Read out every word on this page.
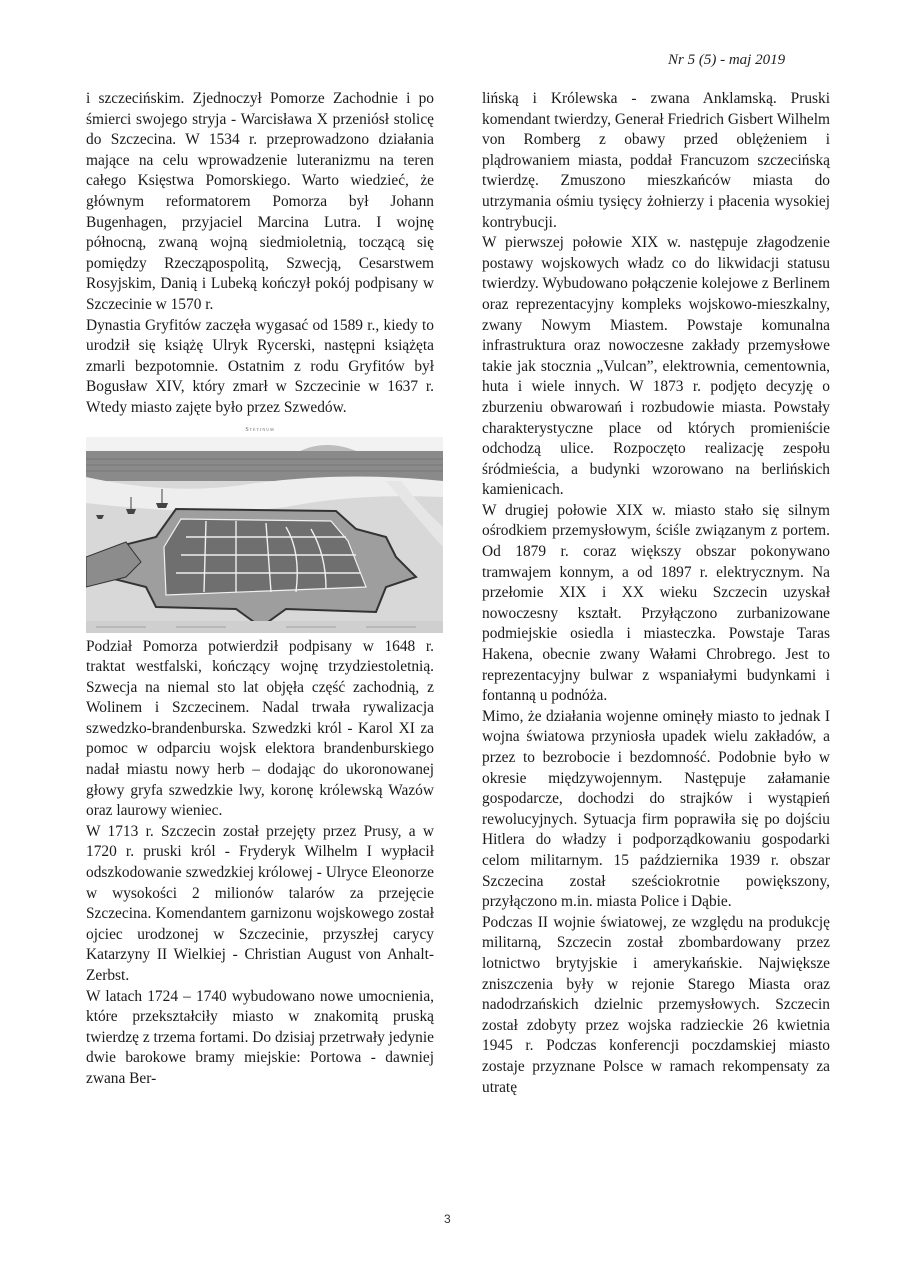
Nr 5 (5) - maj 2019

i szczecińskim. Zjednoczył Pomorze Zachodnie i po śmierci swojego stryja - Warcisława X przeniósł stolicę do Szczecina. W 1534 r. przeprowadzono działania mające na celu wprowadzenie luteranizmu na teren całego Księstwa Pomorskiego. Warto wiedzieć, że głównym reformatorem Pomorza był Johann Bugenhagen, przyjaciel Marcina Lutra. I wojnę północną, zwaną wojną siedmioletnią, toczącą się pomiędzy Rzecząpospolitą, Szwecją, Cesarstwem Rosyjskim, Danią i Lubeką kończył pokój podpisany w Szczecinie w 1570 r.

Dynastia Gryfitów zaczęła wygasać od 1589 r., kiedy to urodził się książę Ulryk Rycerski, następni książęta zmarli bezpotomnie. Ostatnim z rodu Gryfitów był Bogusław XIV, który zmarł w Szczecinie w 1637 r. Wtedy miasto zajęte było przez Szwedów.

Stetinum

Podział Pomorza potwierdził podpisany w 1648 r. traktat westfalski, kończący wojnę trzydziestoletnią. Szwecja na niemal sto lat objęła część zachodnią, z Wolinem i Szczecinem. Nadal trwała rywalizacja szwedzko-brandenburska. Szwedzki król - Karol XI za pomoc w odparciu wojsk elektora brandenburskiego nadał miastu nowy herb – dodając do ukoronowanej głowy gryfa szwedzkie lwy, koronę królewską Wazów oraz laurowy wieniec.

W 1713 r. Szczecin został przejęty przez Prusy, a w 1720 r. pruski król - Fryderyk Wilhelm I wypłacił odszkodowanie szwedzkiej królowej - Ulryce Eleonorze w wysokości 2 milionów talarów za przejęcie Szczecina. Komendantem garnizonu wojskowego został ojciec urodzonej w Szczecinie, przyszłej carycy Katarzyny II Wielkiej - Christian August von Anhalt-Zerbst.

W latach 1724 – 1740 wybudowano nowe umocnienia, które przekształciły miasto w znakomitą pruską twierdzę z trzema fortami. Do dzisiaj przetrwały jedynie dwie barokowe bramy miejskie: Portowa - dawniej zwana Ber-

lińską i Królewska - zwana Anklamską. Pruski komendant twierdzy, Generał Friedrich Gisbert Wilhelm von Romberg z obawy przed oblężeniem i plądrowaniem miasta, poddał Francuzom szczecińską twierdzę. Zmuszono mieszkańców miasta do utrzymania ośmiu tysięcy żołnierzy i płacenia wysokiej kontrybucji.

W pierwszej połowie XIX w. następuje złagodzenie postawy wojskowych władz co do likwidacji statusu twierdzy. Wybudowano połączenie kolejowe z Berlinem oraz reprezentacyjny kompleks wojskowo-mieszkalny, zwany Nowym Miastem. Powstaje komunalna infrastruktura oraz nowoczesne zakłady przemysłowe takie jak stocznia „Vulcan”, elektrownia, cementownia, huta i wiele innych. W 1873 r. podjęto decyzję o zburzeniu obwarowań i rozbudowie miasta. Powstały charakterystyczne place od których promieniście odchodzą ulice. Rozpoczęto realizację zespołu śródmieścia, a budynki wzorowano na berlińskich kamienicach.

W drugiej połowie XIX w. miasto stało się silnym ośrodkiem przemysłowym, ściśle związanym z portem. Od 1879 r. coraz większy obszar pokonywano tramwajem konnym, a od 1897 r. elektrycznym. Na przełomie XIX i XX wieku Szczecin uzyskał nowoczesny kształt. Przyłączono zurbanizowane podmiejskie osiedla i miasteczka. Powstaje Taras Hakena, obecnie zwany Wałami Chrobrego. Jest to reprezentacyjny bulwar z wspaniałymi budynkami i fontanną u podnóża.

Mimo, że działania wojenne ominęły miasto to jednak I wojna światowa przyniosła upadek wielu zakładów, a przez to bezrobocie i bezdomność. Podobnie było w okresie międzywojennym. Następuje załamanie gospodarcze, dochodzi do strajków i wystąpień rewolucyjnych. Sytuacja firm poprawiła się po dojściu Hitlera do władzy i podporządkowaniu gospodarki celom militarnym. 15 października 1939 r. obszar Szczecina został sześciokrotnie powiększony, przyłączono m.in. miasta Police i Dąbie.

Podczas II wojnie światowej, ze względu na produkcję militarną, Szczecin został zbombardowany przez lotnictwo brytyjskie i amerykańskie. Największe zniszczenia były w rejonie Starego Miasta oraz nadodrzańskich dzielnic przemysłowych. Szczecin został zdobyty przez wojska radzieckie 26 kwietnia 1945 r. Podczas konferencji poczdamskiej miasto zostaje przyznane Polsce w ramach rekompensaty za utratę

3
